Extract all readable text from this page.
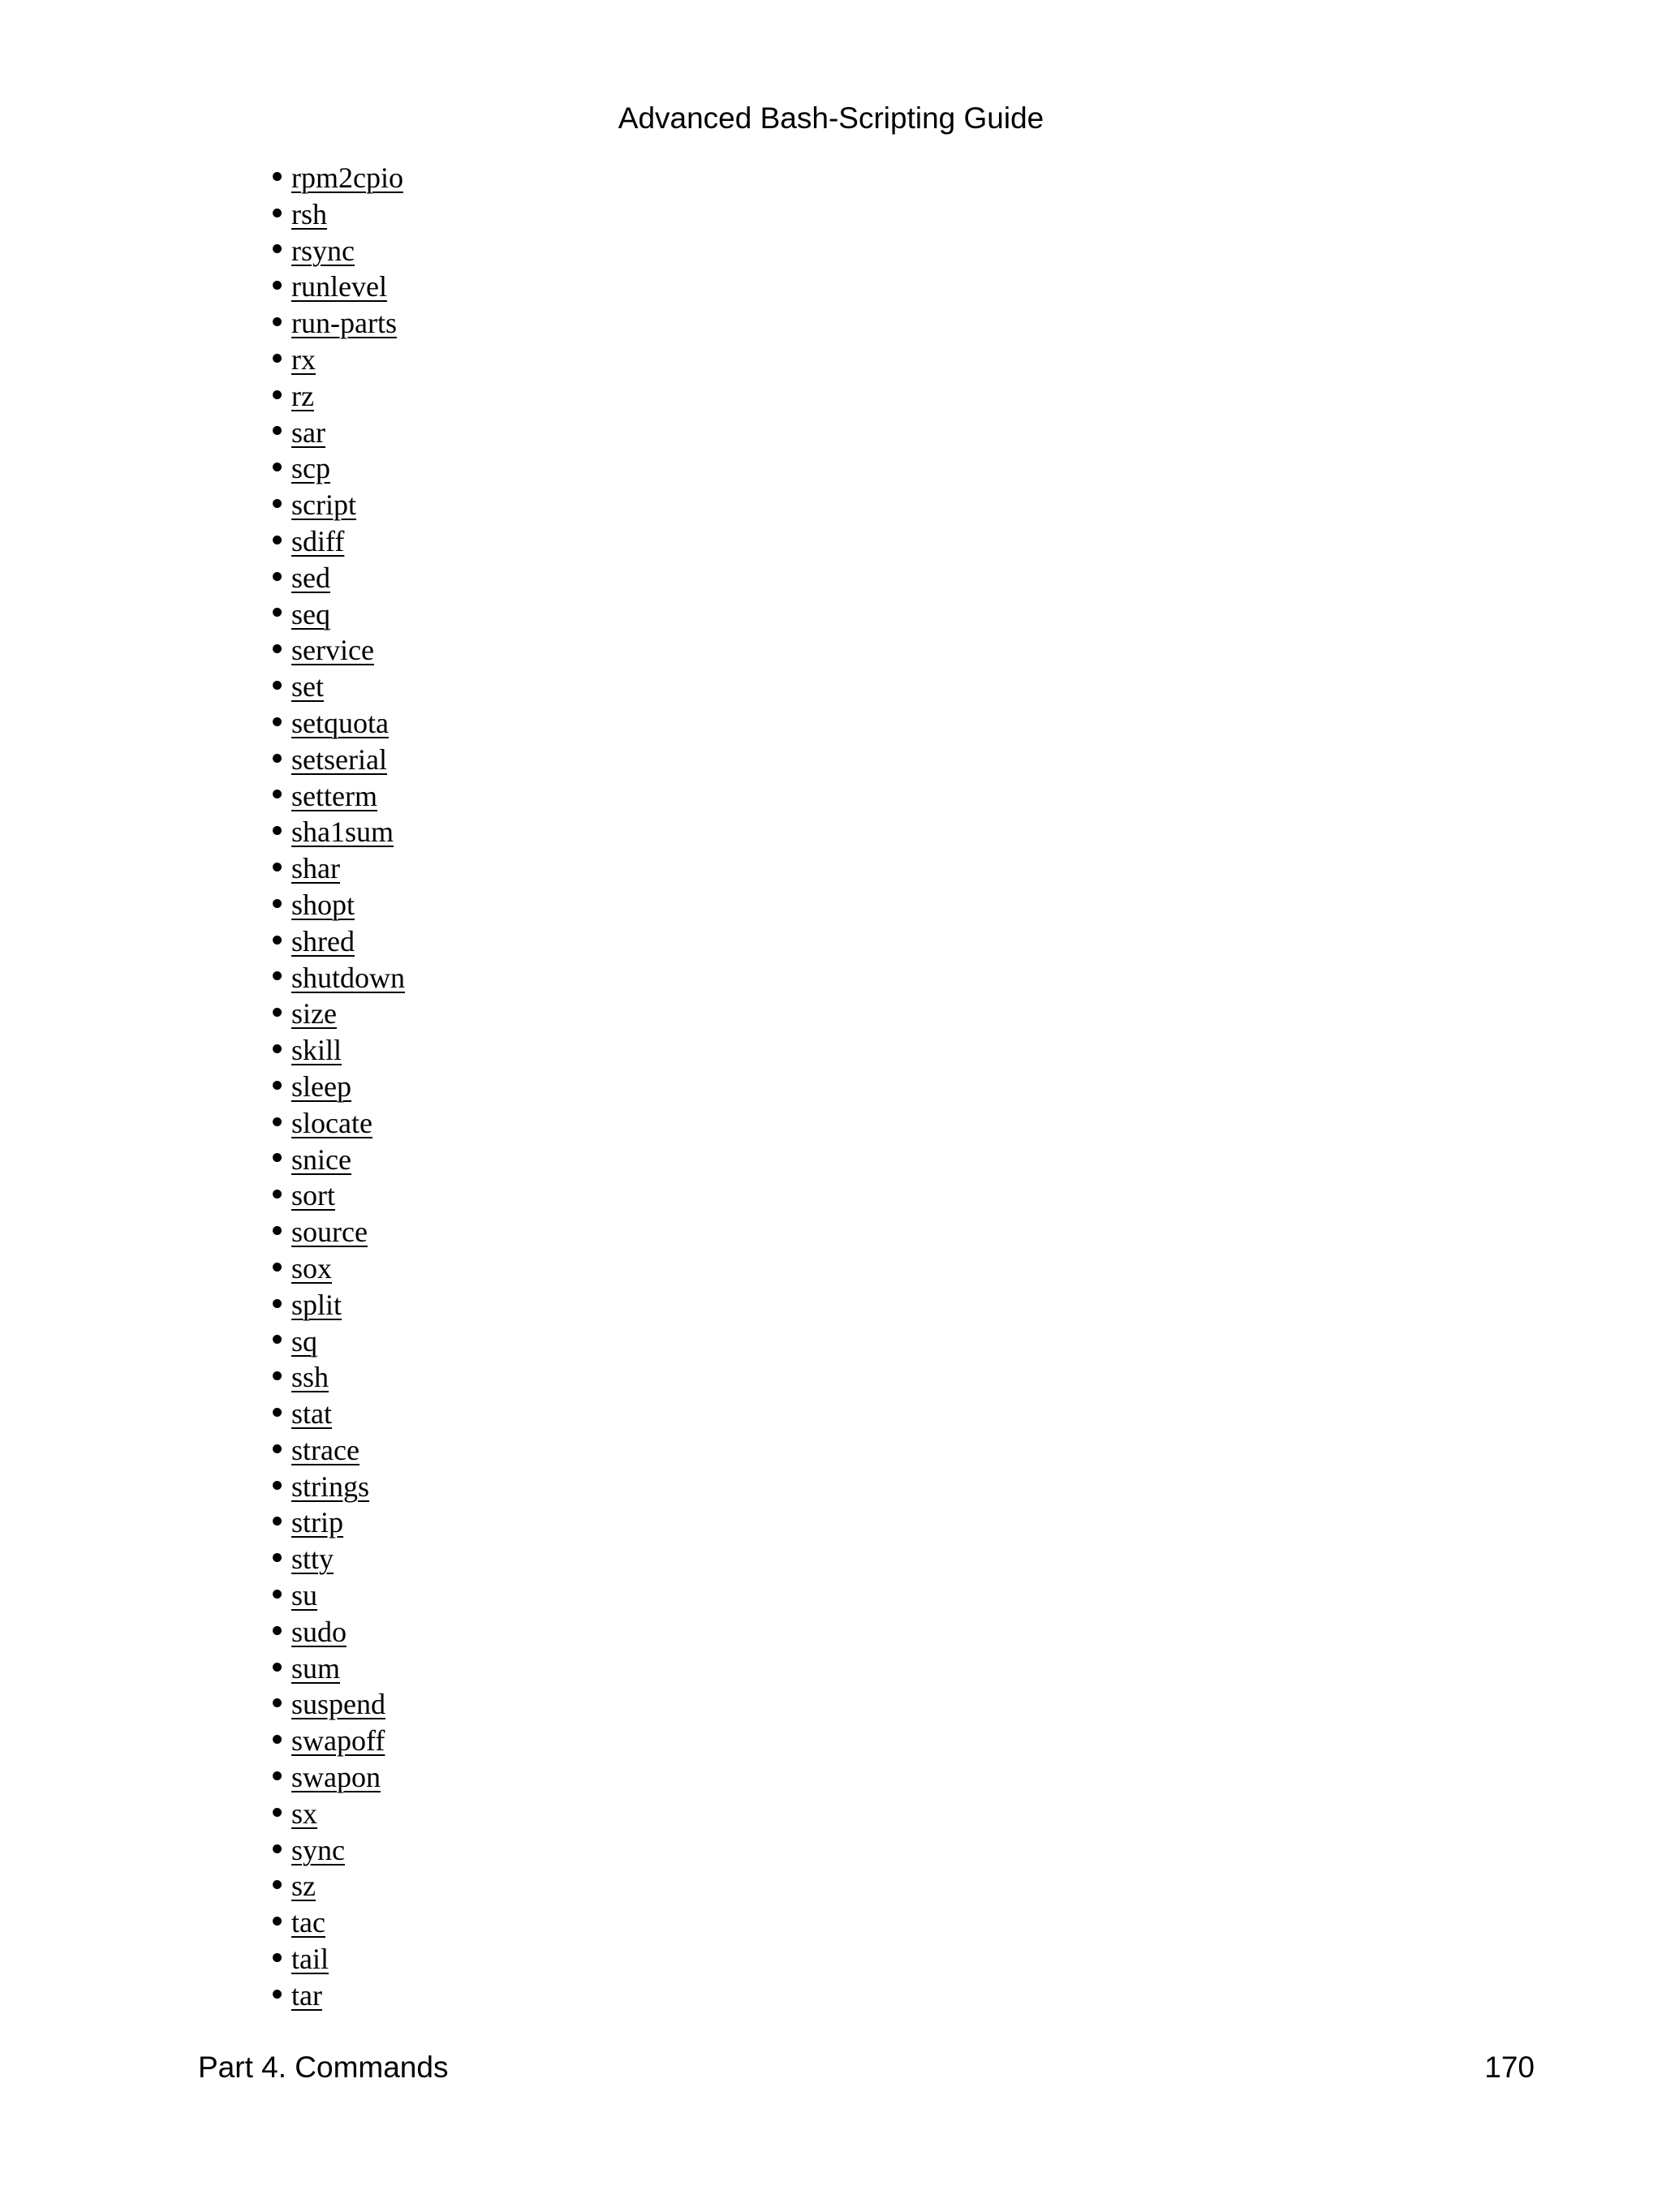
Advanced Bash-Scripting Guide
rpm2cpio
rsh
rsync
runlevel
run-parts
rx
rz
sar
scp
script
sdiff
sed
seq
service
set
setquota
setserial
setterm
sha1sum
shar
shopt
shred
shutdown
size
skill
sleep
slocate
snice
sort
source
sox
split
sq
ssh
stat
strace
strings
strip
stty
su
sudo
sum
suspend
swapoff
swapon
sx
sync
sz
tac
tail
tar
Part 4. Commands	170
